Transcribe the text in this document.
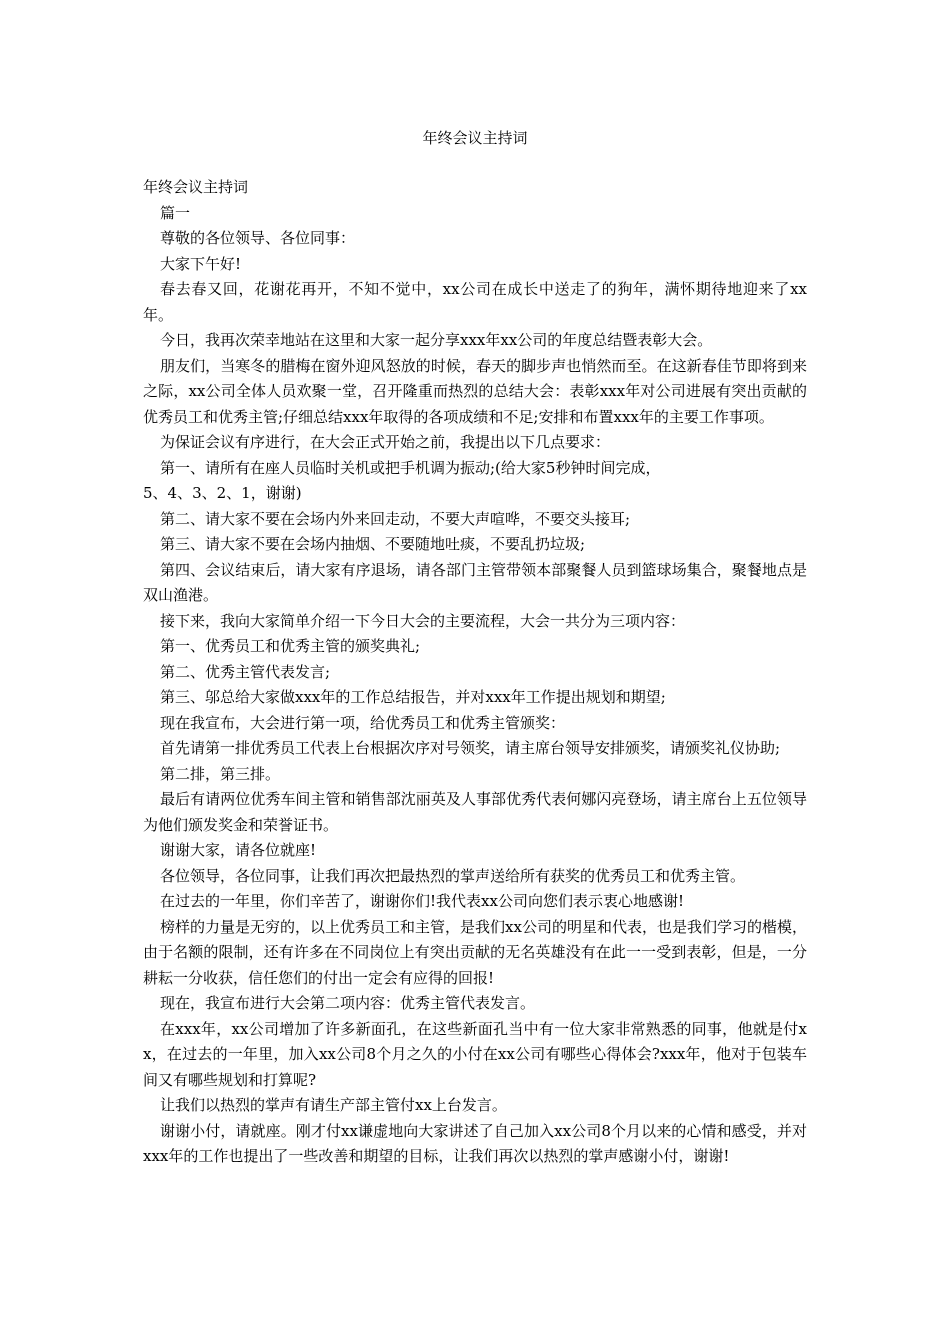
年终会议主持词

年终会议主持词

篇一

尊敬的各位领导、各位同事：

大家下午好!

春去春又回，花谢花再开，不知不觉中，xx公司在成长中送走了的狗年，满怀期待地迎来了xx年。

今日，我再次荣幸地站在这里和大家一起分享xxx年xx公司的年度总结暨表彰大会。

朋友们，当寒冬的腊梅在窗外迎风怒放的时候，春天的脚步声也悄然而至。在这新春佳节即将到来之际，xx公司全体人员欢聚一堂，召开隆重而热烈的总结大会：表彰xxx年对公司进展有突出贡献的优秀员工和优秀主管;仔细总结xxx年取得的各项成绩和不足;安排和布置xxx年的主要工作事项。

为保证会议有序进行，在大会正式开始之前，我提出以下几点要求：

第一、请所有在座人员临时关机或把手机调为振动;(给大家5秒钟时间完成，

5、4、3、2、1，谢谢)

第二、请大家不要在会场内外来回走动，不要大声喧哗，不要交头接耳;

第三、请大家不要在会场内抽烟、不要随地吐痰，不要乱扔垃圾;

第四、会议结束后，请大家有序退场，请各部门主管带领本部聚餐人员到篮球场集合，聚餐地点是双山渔港。

接下来，我向大家简单介绍一下今日大会的主要流程，大会一共分为三项内容：

第一、优秀员工和优秀主管的颁奖典礼;

第二、优秀主管代表发言;

第三、邬总给大家做xxx年的工作总结报告，并对xxx年工作提出规划和期望;

现在我宣布，大会进行第一项，给优秀员工和优秀主管颁奖：

首先请第一排优秀员工代表上台根据次序对号领奖，请主席台领导安排颁奖，请颁奖礼仪协助;

第二排，第三排。

最后有请两位优秀车间主管和销售部沈丽英及人事部优秀代表何娜闪亮登场，请主席台上五位领导为他们颁发奖金和荣誉证书。

谢谢大家，请各位就座!

各位领导，各位同事，让我们再次把最热烈的掌声送给所有获奖的优秀员工和优秀主管。

在过去的一年里，你们辛苦了，谢谢你们!我代表xx公司向您们表示衷心地感谢!

榜样的力量是无穷的，以上优秀员工和主管，是我们xx公司的明星和代表，也是我们学习的楷模，由于名额的限制，还有许多在不同岗位上有突出贡献的无名英雄没有在此一一受到表彰，但是，一分耕耘一分收获，信任您们的付出一定会有应得的回报!

现在，我宣布进行大会第二项内容：优秀主管代表发言。

在xxx年，xx公司增加了许多新面孔，在这些新面孔当中有一位大家非常熟悉的同事，他就是付xx，在过去的一年里，加入xx公司8个月之久的小付在xx公司有哪些心得体会?xxx年，他对于包装车间又有哪些规划和打算呢?

让我们以热烈的掌声有请生产部主管付xx上台发言。

谢谢小付，请就座。刚才付xx谦虚地向大家讲述了自己加入xx公司8个月以来的心情和感受，并对xxx年的工作也提出了一些改善和期望的目标，让我们再次以热烈的掌声感谢小付，谢谢!
